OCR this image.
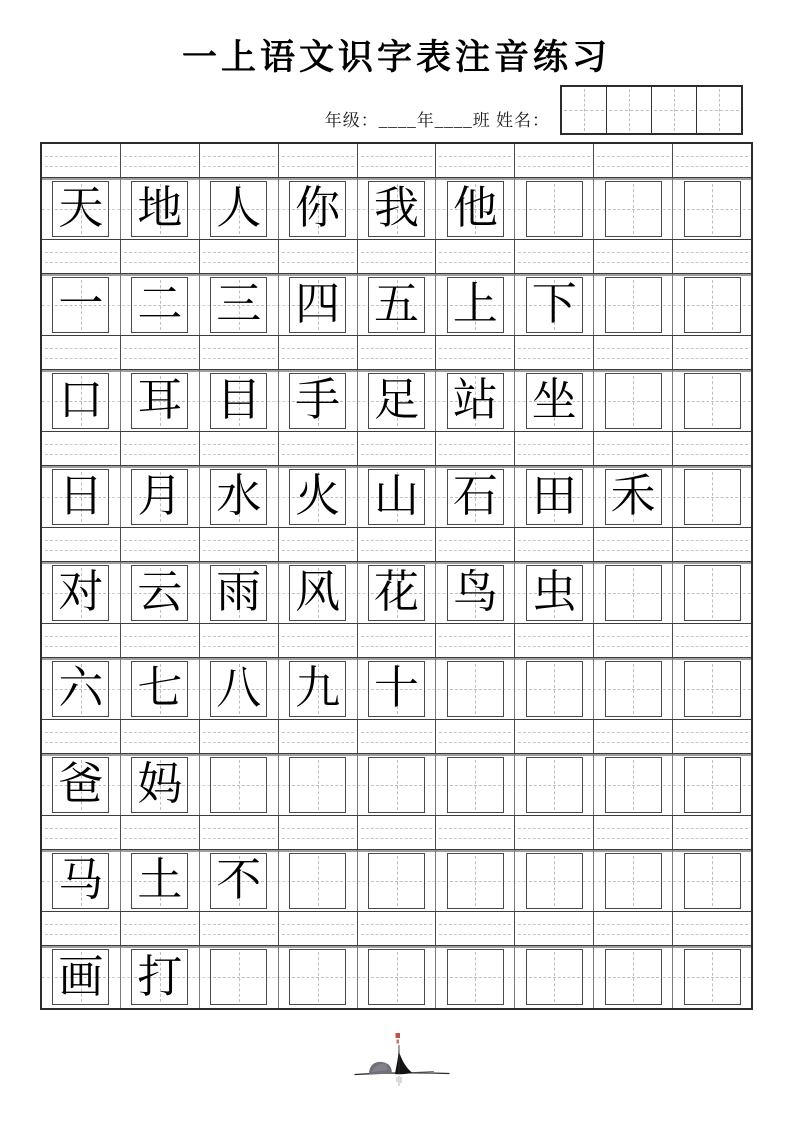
一上语文识字表注音练习
年级：____年____班 姓名：
天 地 人 你 我 他
一 二 三 四 五 上 下
口 耳 目 手 足 站 坐
日 月 水 火 山 石 田 禾
对 云 雨 风 花 鸟 虫
六 七 八 九 十
爸 妈
马 土 不
画 打
